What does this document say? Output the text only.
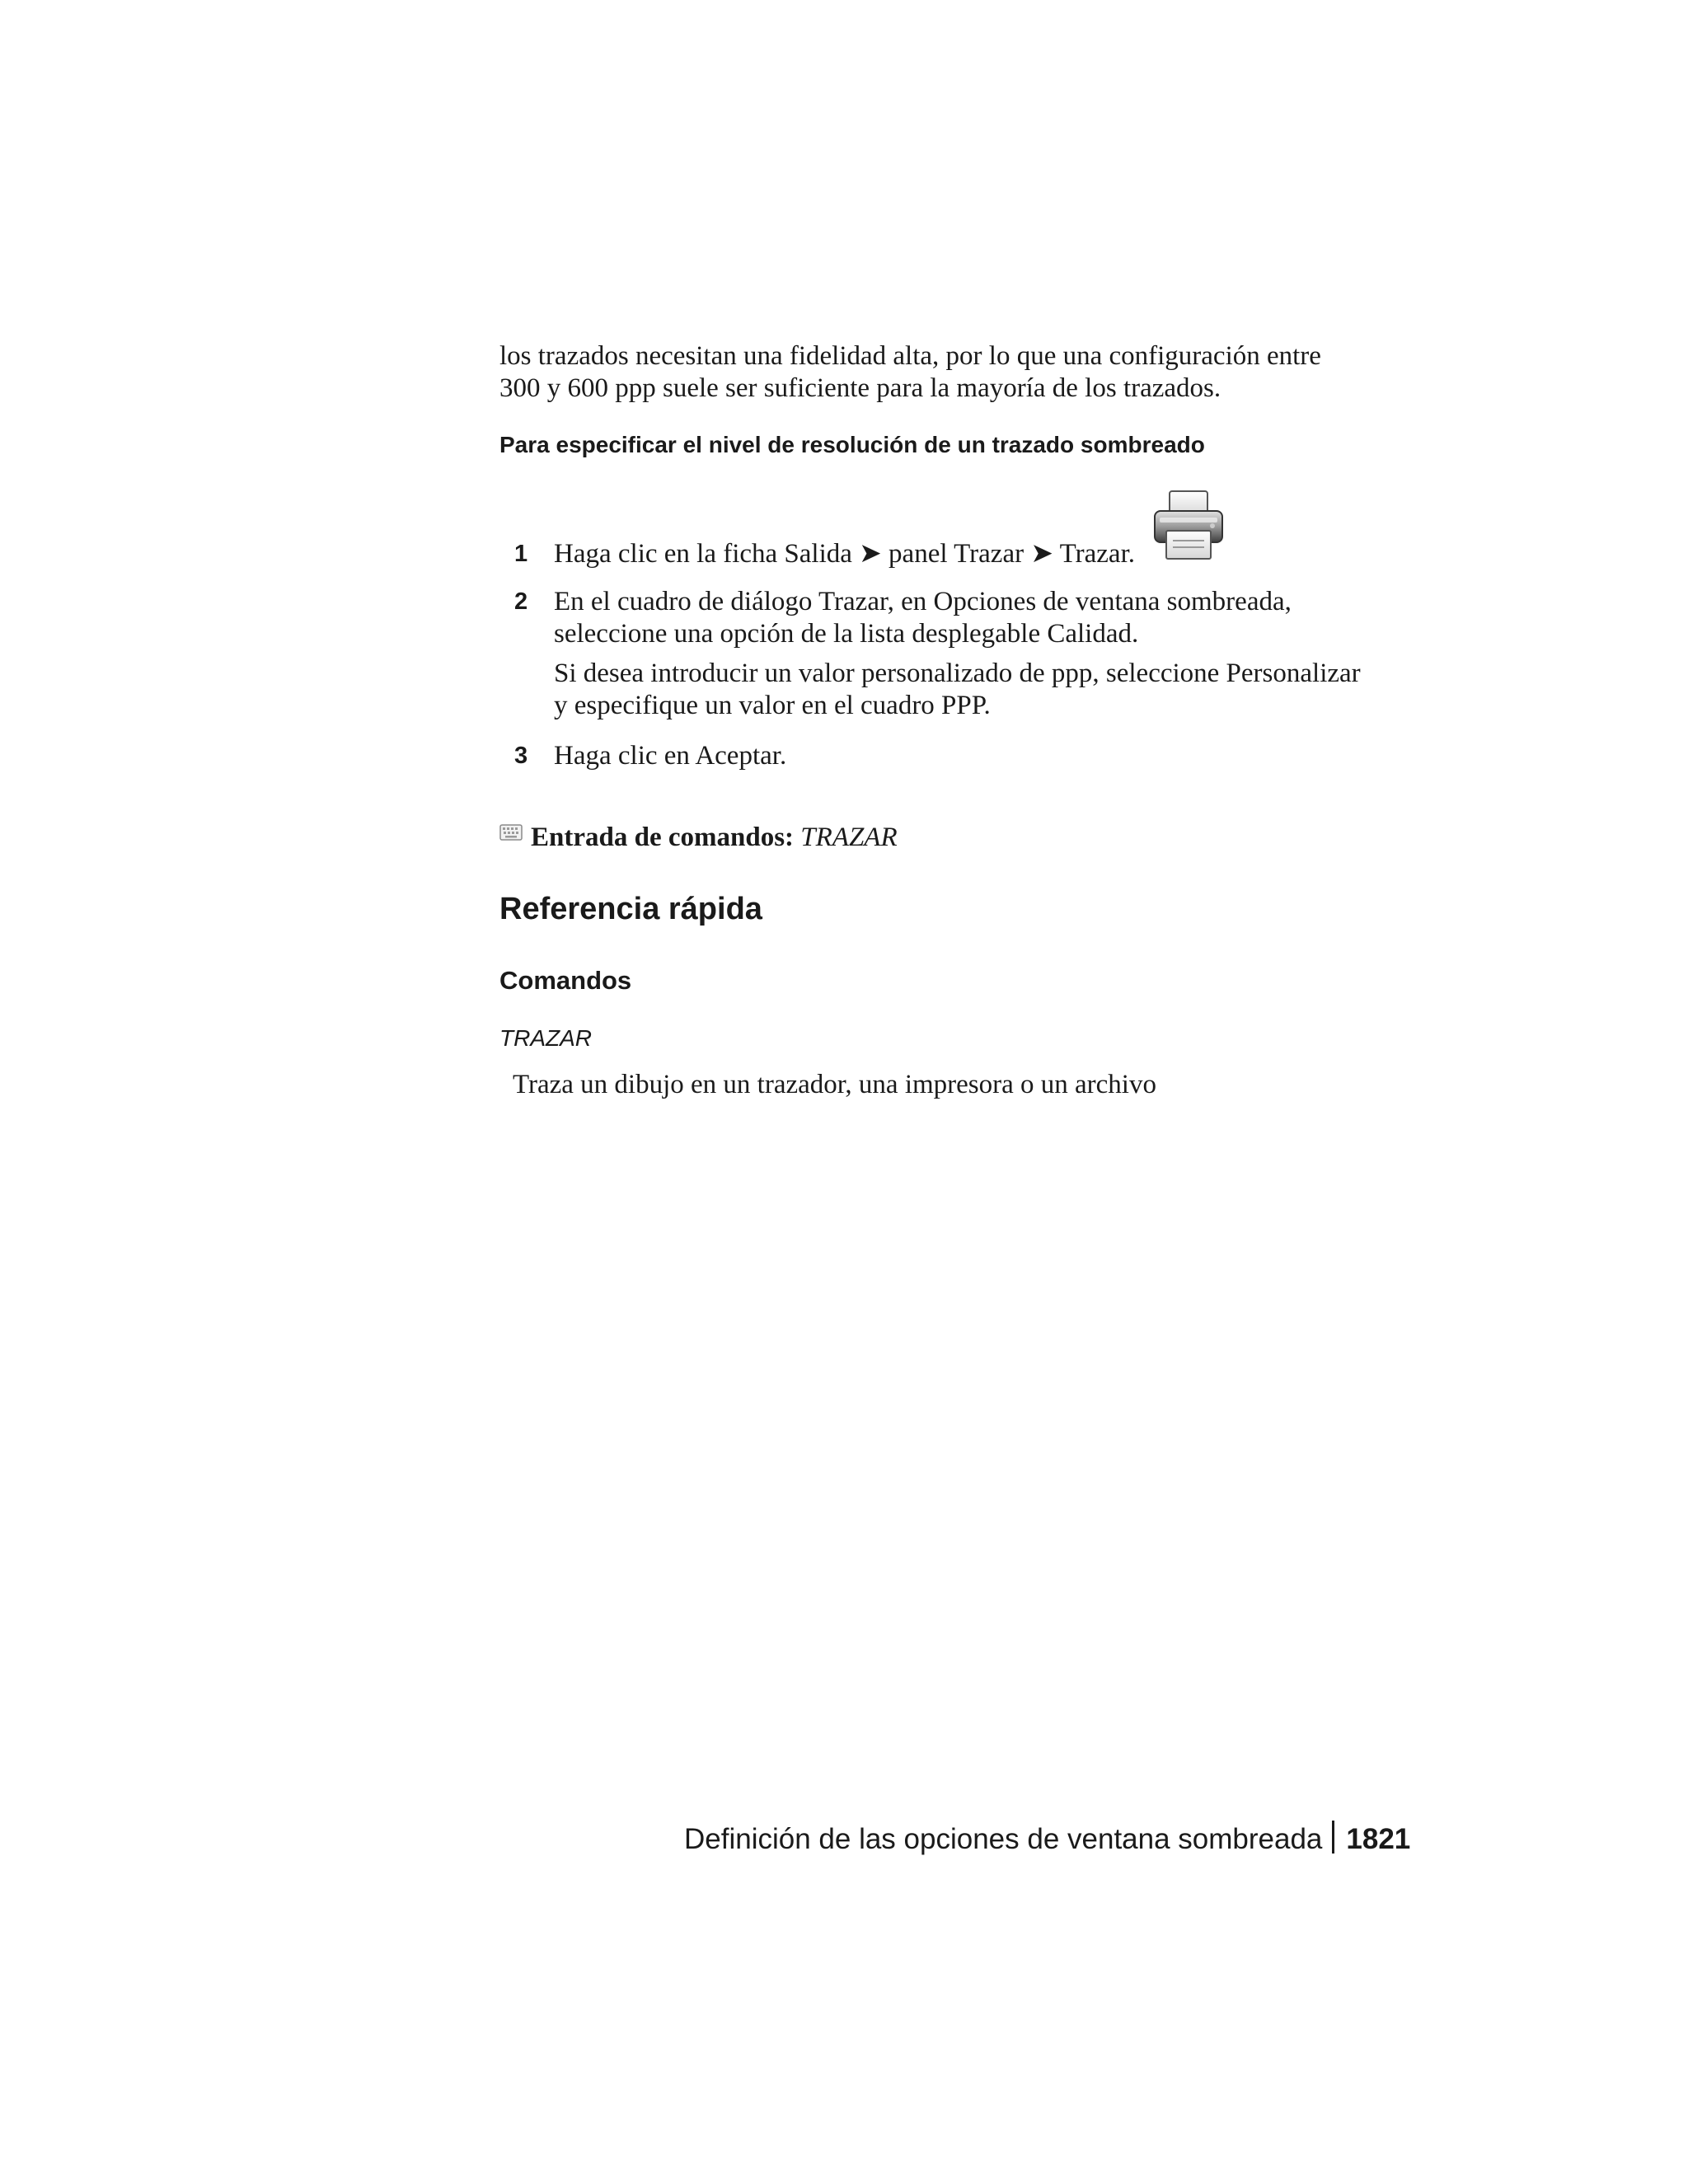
los trazados necesitan una fidelidad alta, por lo que una configuración entre
300 y 600 ppp suele ser suficiente para la mayoría de los trazados.
Para especificar el nivel de resolución de un trazado sombreado
1 Haga clic en la ficha Salida ➤ panel Trazar ➤ Trazar.
2 En el cuadro de diálogo Trazar, en Opciones de ventana sombreada,
seleccione una opción de la lista desplegable Calidad.
Si desea introducir un valor personalizado de ppp, seleccione Personalizar
y especifique un valor en el cuadro PPP.
3 Haga clic en Aceptar.
Entrada de comandos: TRAZAR
Referencia rápida
Comandos
TRAZAR
Traza un dibujo en un trazador, una impresora o un archivo
Definición de las opciones de ventana sombreada 1821
